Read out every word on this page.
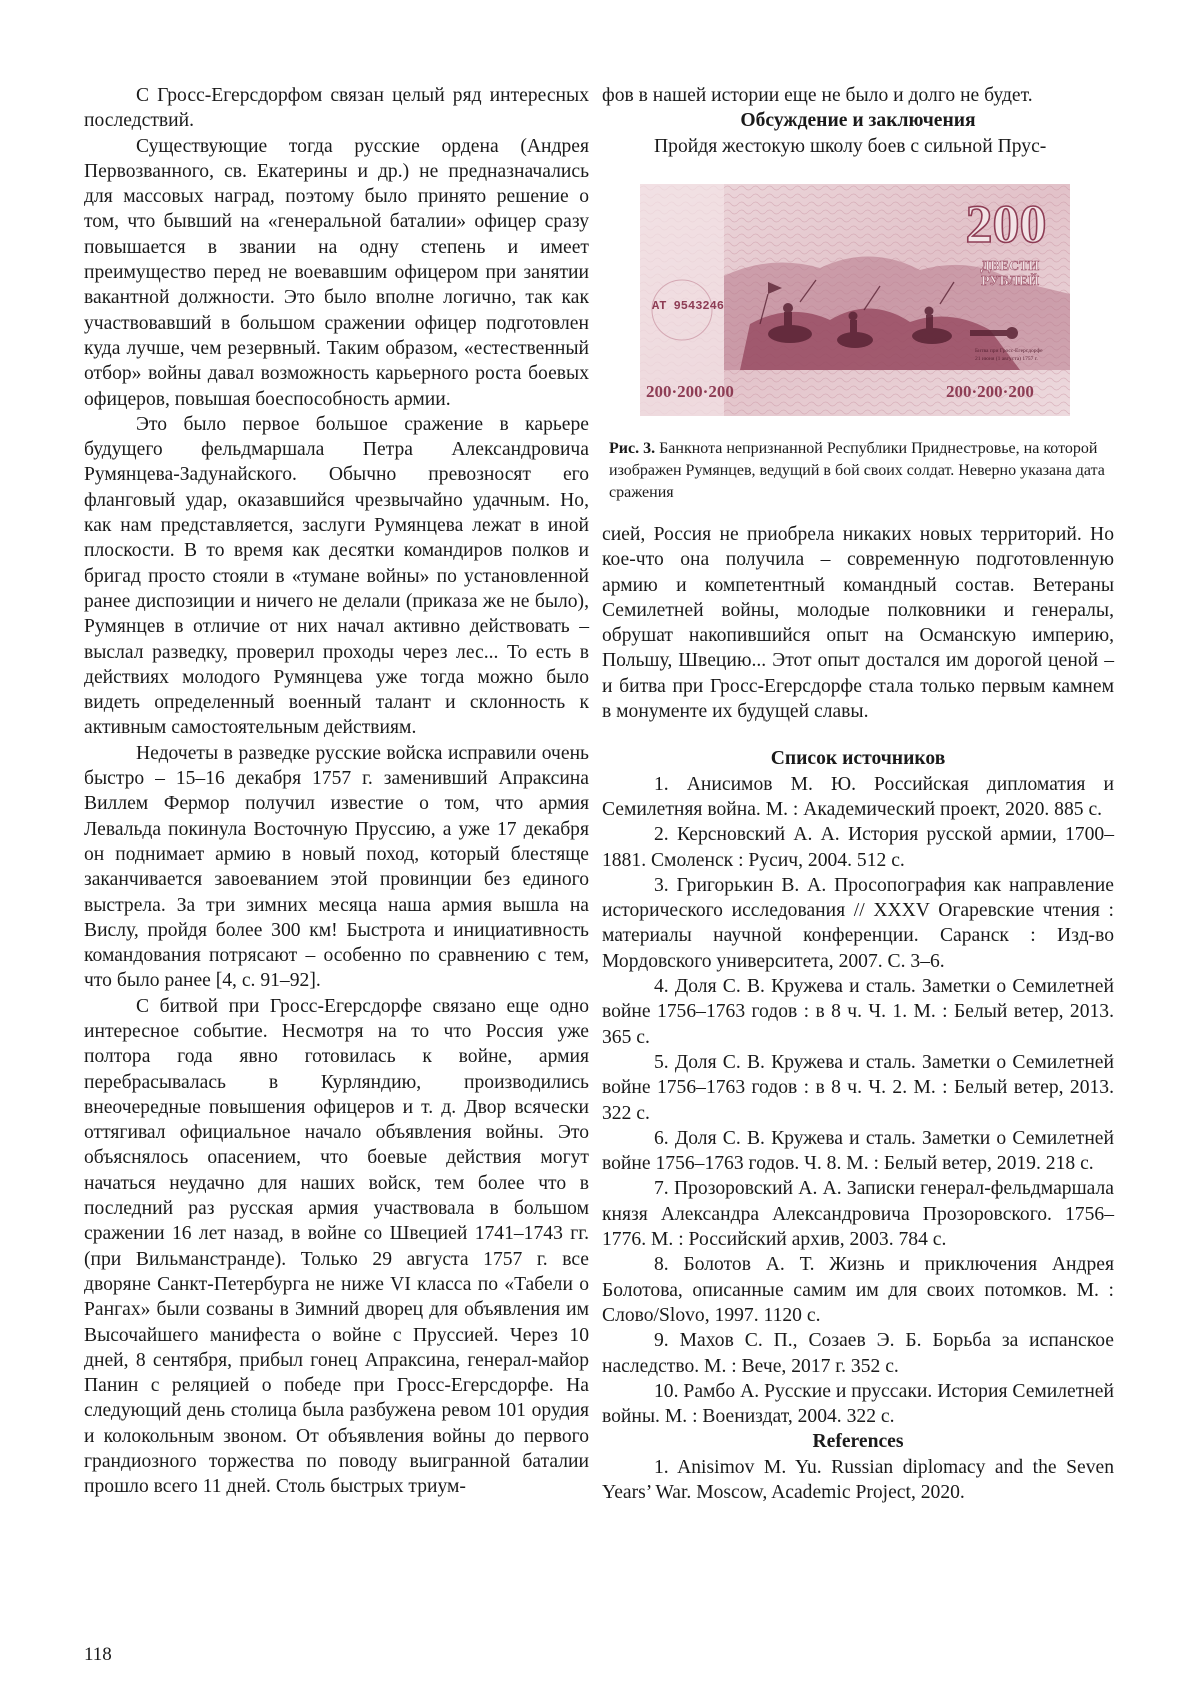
С Гросс-Егерсдорфом связан целый ряд интересных последствий.

Существующие тогда русские ордена (Андрея Первозванного, св. Екатерины и др.) не предназначались для массовых наград, поэтому было принято решение о том, что бывший на «генеральной баталии» офицер сразу повышается в звании на одну степень и имеет преимущество перед не воевавшим офицером при занятии вакантной должности. Это было вполне логично, так как участвовавший в большом сражении офицер подготовлен куда лучше, чем резервный. Таким образом, «естественный отбор» войны давал возможность карьерного роста боевых офицеров, повышая боеспособность армии.

Это было первое большое сражение в карьере будущего фельдмаршала Петра Александровича Румянцева-Задунайского. Обычно превозносят его фланговый удар, оказавшийся чрезвычайно удачным. Но, как нам представляется, заслуги Румянцева лежат в иной плоскости. В то время как десятки командиров полков и бригад просто стояли в «тумане войны» по установленной ранее диспозиции и ничего не делали (приказа же не было), Румянцев в отличие от них начал активно действовать – выслал разведку, проверил проходы через лес... То есть в действиях молодого Румянцева уже тогда можно было видеть определенный военный талант и склонность к активным самостоятельным действиям.

Недочеты в разведке русские войска исправили очень быстро – 15–16 декабря 1757 г. заменивший Апраксина Виллем Фермор получил известие о том, что армия Левальда покинула Восточную Пруссию, а уже 17 декабря он поднимает армию в новый поход, который блестяще заканчивается завоеванием этой провинции без единого выстрела. За три зимних месяца наша армия вышла на Вислу, пройдя более 300 км! Быстрота и инициативность командования потрясают – особенно по сравнению с тем, что было ранее [4, с. 91–92].

С битвой при Гросс-Егерсдорфе связано еще одно интересное событие. Несмотря на то что Россия уже полтора года явно готовилась к войне, армия перебрасывалась в Курляндию, производились внеочередные повышения офицеров и т. д. Двор всячески оттягивал официальное начало объявления войны. Это объяснялось опасением, что боевые действия могут начаться неудачно для наших войск, тем более что в последний раз русская армия участвовала в большом сражении 16 лет назад, в войне со Швецией 1741–1743 гг. (при Вильманстранде). Только 29 августа 1757 г. все дворяне Санкт-Петербурга не ниже VI класса по «Табели о Рангах» были созваны в Зимний дворец для объявления им Высочайшего манифеста о войне с Пруссией. Через 10 дней, 8 сентября, прибыл гонец Апраксина, генерал-майор Панин с реляцией о победе при Гросс-Егерсдорфе. На следующий день столица была разбужена ревом 101 орудия и колокольным звоном. От объявления войны до первого грандиозного торжества по поводу выигранной баталии прошло всего 11 дней. Столь быстрых триум-

фов в нашей истории еще не было и долго не будет.

Обсуждение и заключения

Пройдя жестокую школу боев с сильной Прус-

200
ДВЕСТИ
РУБЛЕЙ
АТ 9543246
Битва при Гросс-Егерсдорфе
21 июня (1 августа) 1757 г.
200·200·200	200·200·200
Рис. 3. Банкнота непризнанной Республики Приднестровье, на которой изображен Румянцев, ведущий в бой своих солдат. Неверно указана дата сражения

сией, Россия не приобрела никаких новых территорий. Но кое-что она получила – современную подготовленную армию и компетентный командный состав. Ветераны Семилетней войны, молодые полковники и генералы, обрушат накопившийся опыт на Османскую империю, Польшу, Швецию... Этот опыт достался им дорогой ценой – и битва при Гросс-Егерсдорфе стала только первым камнем в монументе их будущей славы.

Список источников

1. Анисимов М. Ю. Российская дипломатия и Семилетняя война. М. : Академический проект, 2020. 885 с.

2. Керсновский А. А. История русской армии, 1700–1881. Смоленск : Русич, 2004. 512 с.

3. Григорькин В. А. Просопография как направление исторического исследования // XXXV Огаревские чтения : материалы научной конференции. Саранск : Изд-во Мордовского университета, 2007. С. 3–6.

4. Доля С. В. Кружева и сталь. Заметки о Семилетней войне 1756–1763 годов : в 8 ч. Ч. 1. М. : Белый ветер, 2013. 365 с.

5. Доля С. В. Кружева и сталь. Заметки о Семилетней войне 1756–1763 годов : в 8 ч. Ч. 2. М. : Белый ветер, 2013. 322 с.

6. Доля С. В. Кружева и сталь. Заметки о Семилетней войне 1756–1763 годов. Ч. 8. М. : Белый ветер, 2019. 218 с.

7. Прозоровский А. А. Записки генерал-фельдмаршала князя Александра Александровича Прозоровского. 1756–1776. М. : Российский архив, 2003. 784 с.

8. Болотов А. Т. Жизнь и приключения Андрея Болотова, описанные самим им для своих потомков. М. : Слово/Slovo, 1997. 1120 с.

9. Махов С. П., Созаев Э. Б. Борьба за испанское наследство. М. : Вече, 2017 г. 352 с.

10. Рамбо А. Русские и пруссаки. История Семилетней войны. М. : Воениздат, 2004. 322 с.

References

1. Anisimov M. Yu. Russian diplomacy and the Seven Years’ War. Moscow, Academic Project, 2020.

118
